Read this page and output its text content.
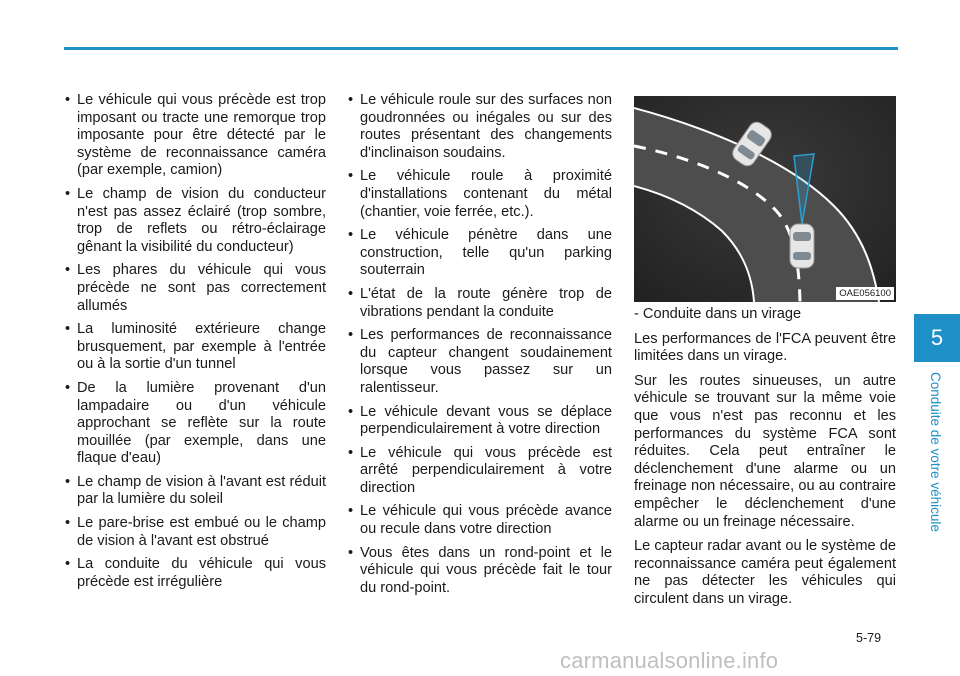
• Le véhicule qui vous précède est trop imposant ou tracte une remorque trop imposante pour être détecté par le système de reconnaissance caméra (par exemple, camion)
• Le champ de vision du conducteur n'est pas assez éclairé (trop sombre, trop de reflets ou rétro-éclairage gênant la visibilité du conducteur)
• Les phares du véhicule qui vous précède ne sont pas correctement allumés
• La luminosité extérieure change brusquement, par exemple à l'entrée ou à la sortie d'un tunnel
• De la lumière provenant d'un lampadaire ou d'un véhicule approchant se reflète sur la route mouillée (par exemple, dans une flaque d'eau)
• Le champ de vision à l'avant est réduit par la lumière du soleil
• Le pare-brise est embué ou le champ de vision à l'avant est obstrué
• La conduite du véhicule qui vous précède est irrégulière
• Le véhicule roule sur des surfaces non goudronnées ou inégales ou sur des routes présentant des changements d'inclinaison soudains.
• Le véhicule roule à proximité d'installations contenant du métal (chantier, voie ferrée, etc.).
• Le véhicule pénètre dans une construction, telle qu'un parking souterrain
• L'état de la route génère trop de vibrations pendant la conduite
• Les performances de reconnaissance du capteur changent soudainement lorsque vous passez sur un ralentisseur.
• Le véhicule devant vous se déplace perpendiculairement à votre direction
• Le véhicule qui vous précède est arrêté perpendiculairement à votre direction
• Le véhicule qui vous précède avance ou recule dans votre direction
• Vous êtes dans un rond-point et le véhicule qui vous précède fait le tour du rond-point.
OAE056100

- Conduite dans un virage

Les performances de l'FCA peuvent être limitées dans un virage.

Sur les routes sinueuses, un autre véhicule se trouvant sur la même voie que vous n'est pas reconnu et les performances du système FCA sont réduites. Cela peut entraîner le déclenchement d'une alarme ou un freinage non nécessaire, ou au contraire empêcher le déclenchement d'une alarme ou un freinage nécessaire.

Le capteur radar avant ou le système de reconnaissance caméra peut également ne pas détecter les véhicules qui circulent dans un virage.

5
Conduite de votre véhicule
5-79
carmanualsonline.info
